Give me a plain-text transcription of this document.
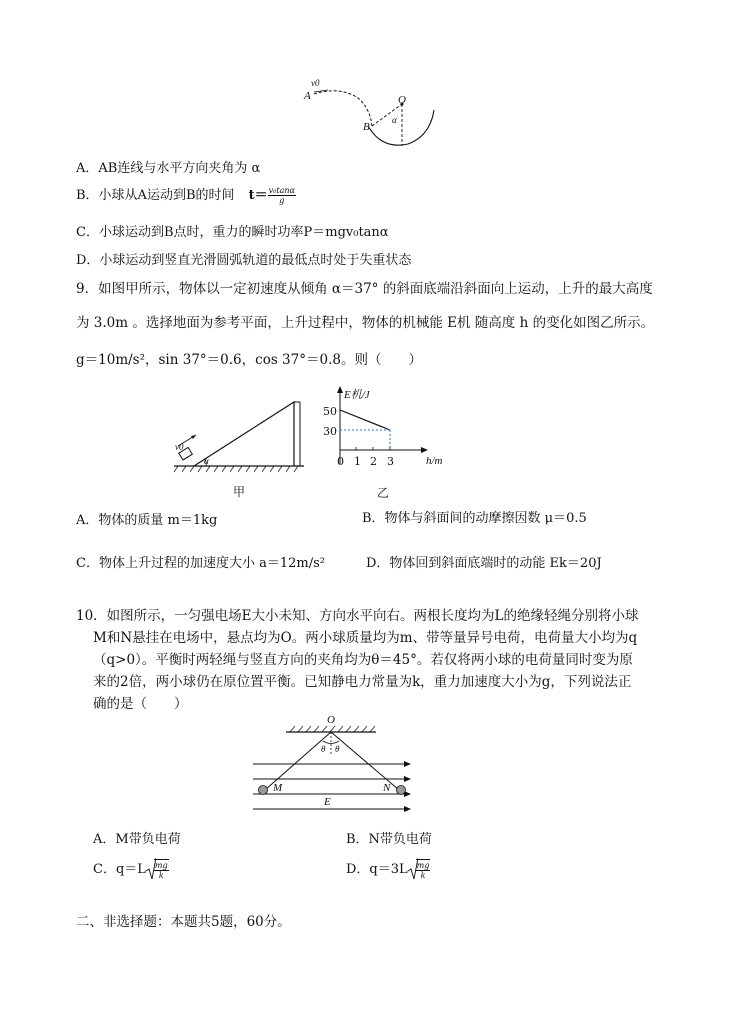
v0
A
B
O
α
A．AB连线与水平方向夹角为 α
B．小球从A运动到B的时间 $t= \frac{\text{v₀tanα}}{g}$
C．小球运动到B点时，重力的瞬时功率P＝mgv₀tanα
D．小球运动到竖直光滑圆弧轨道的最低点时处于失重状态
9．如图甲所示，物体以一定初速度从倾角 α＝37° 的斜面底端沿斜面向上运动，上升的最大高度
为 3.0m 。选择地面为参考平面，上升过程中，物体的机械能 E机 随高度 h 的变化如图乙所示。
g＝10m/s²，sin 37°＝0.6，cos 37°＝0.8。则（　　）
v0
α
甲
E机/J
50
30
0 1 2 3	h/m
乙
A．物体的质量 m＝1kg	B．物体与斜面间的动摩擦因数 μ＝0.5
C．物体上升过程的加速度大小 a＝12m/s²	D．物体回到斜面底端时的动能 Ek＝20J
10．如图所示，一匀强电场E大小未知、方向水平向右。两根长度均为L的绝缘轻绳分别将小球
M和N悬挂在电场中，悬点均为O。两小球质量均为m、带等量异号电荷，电荷量大小均为q
（q>0）。平衡时两轻绳与竖直方向的夹角均为θ＝45°。若仅将两小球的电荷量同时变为原
来的2倍，两小球仍在原位置平衡。已知静电力常量为k，重力加速度大小为g，下列说法正
确的是（　　）
O
θ θ
M	N
E
A．M带负电荷	B．N带负电荷
C．$q=L \frac{mg}{k}$	D．$q=3L \frac{mg}{k}$
二、非选择题：本题共5题，60分。
